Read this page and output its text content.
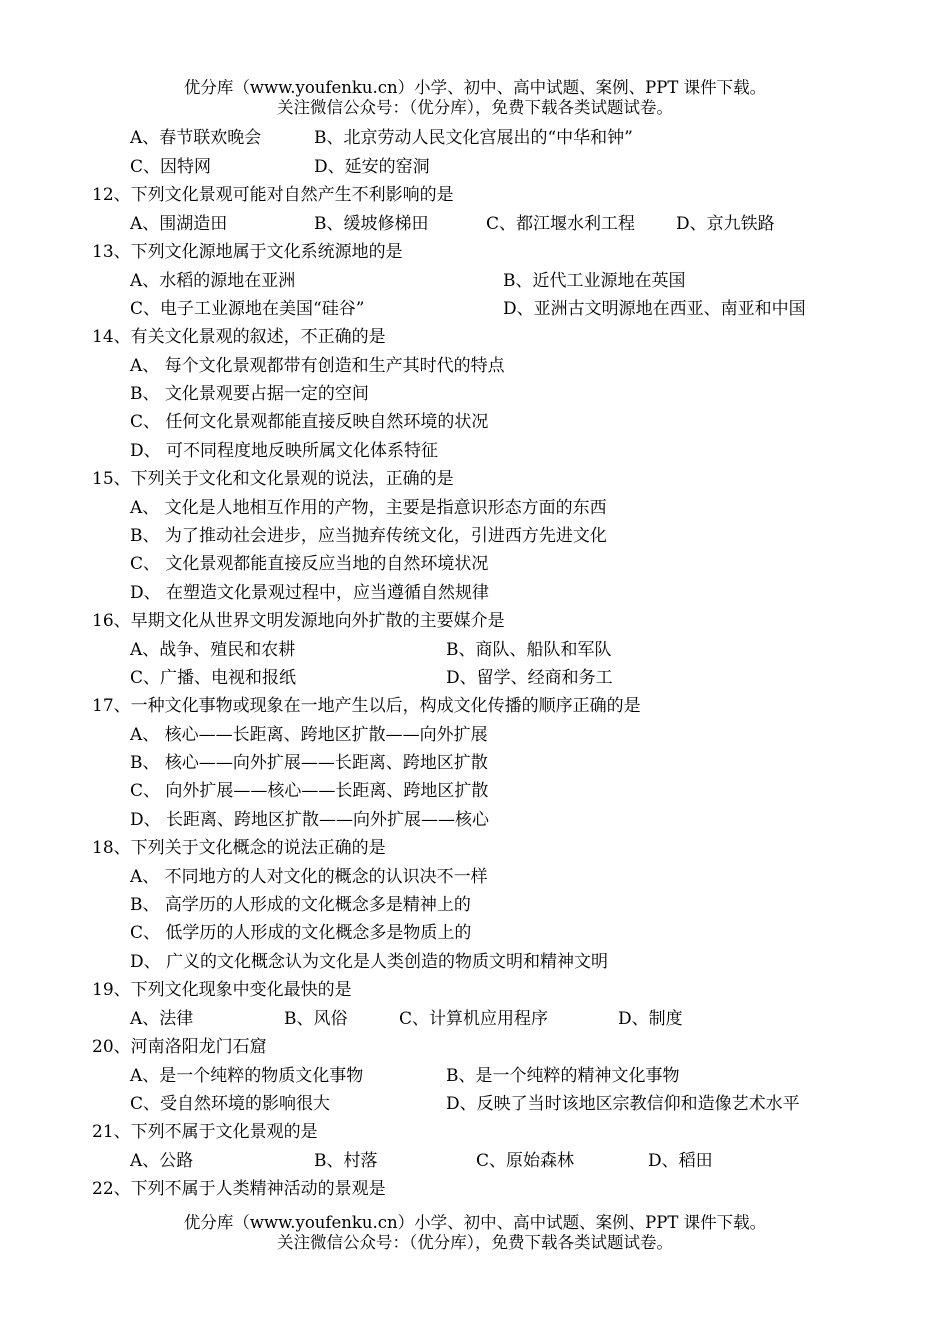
优分库（www.youfenku.cn）小学、初中、高中试题、案例、PPT 课件下载。
关注微信公众号：（优分库），免费下载各类试题试卷。
A、春节联欢晚会	B、北京劳动人民文化宫展出的“中华和钟”
C、因特网	D、延安的窑洞
12、下列文化景观可能对自然产生不利影响的是
A、围湖造田	B、缓坡修梯田	C、都江堰水利工程 D、京九铁路
13、下列文化源地属于文化系统源地的是
A、水稻的源地在亚洲	B、近代工业源地在英国
C、电子工业源地在美国“硅谷”	D、亚洲古文明源地在西亚、南亚和中国
14、有关文化景观的叙述，不正确的是
A、 每个文化景观都带有创造和生产其时代的特点
B、 文化景观要占据一定的空间
C、 任何文化景观都能直接反映自然环境的状况
D、 可不同程度地反映所属文化体系特征
15、下列关于文化和文化景观的说法，正确的是
A、 文化是人地相互作用的产物，主要是指意识形态方面的东西
B、 为了推动社会进步，应当抛弃传统文化，引进西方先进文化
C、 文化景观都能直接反应当地的自然环境状况
D、 在塑造文化景观过程中，应当遵循自然规律
16、早期文化从世界文明发源地向外扩散的主要媒介是
A、战争、殖民和农耕	B、商队、船队和军队
C、广播、电视和报纸	D、留学、经商和务工
17、一种文化事物或现象在一地产生以后，构成文化传播的顺序正确的是
A、 核心——长距离、跨地区扩散——向外扩展
B、 核心——向外扩展——长距离、跨地区扩散
C、 向外扩展——核心——长距离、跨地区扩散
D、 长距离、跨地区扩散——向外扩展——核心
18、下列关于文化概念的说法正确的是
A、 不同地方的人对文化的概念的认识决不一样
B、 高学历的人形成的文化概念多是精神上的
C、 低学历的人形成的文化概念多是物质上的
D、 广义的文化概念认为文化是人类创造的物质文明和精神文明
19、下列文化现象中变化最快的是
A、法律	B、风俗	C、计算机应用程序	D、制度
20、河南洛阳龙门石窟
A、是一个纯粹的物质文化事物	B、是一个纯粹的精神文化事物
C、受自然环境的影响很大	D、反映了当时该地区宗教信仰和造像艺术水平
21、下列不属于文化景观的是
A、公路	B、村落	C、原始森林	D、稻田
22、下列不属于人类精神活动的景观是
优分库（www.youfenku.cn）小学、初中、高中试题、案例、PPT 课件下载。
关注微信公众号：（优分库），免费下载各类试题试卷。
